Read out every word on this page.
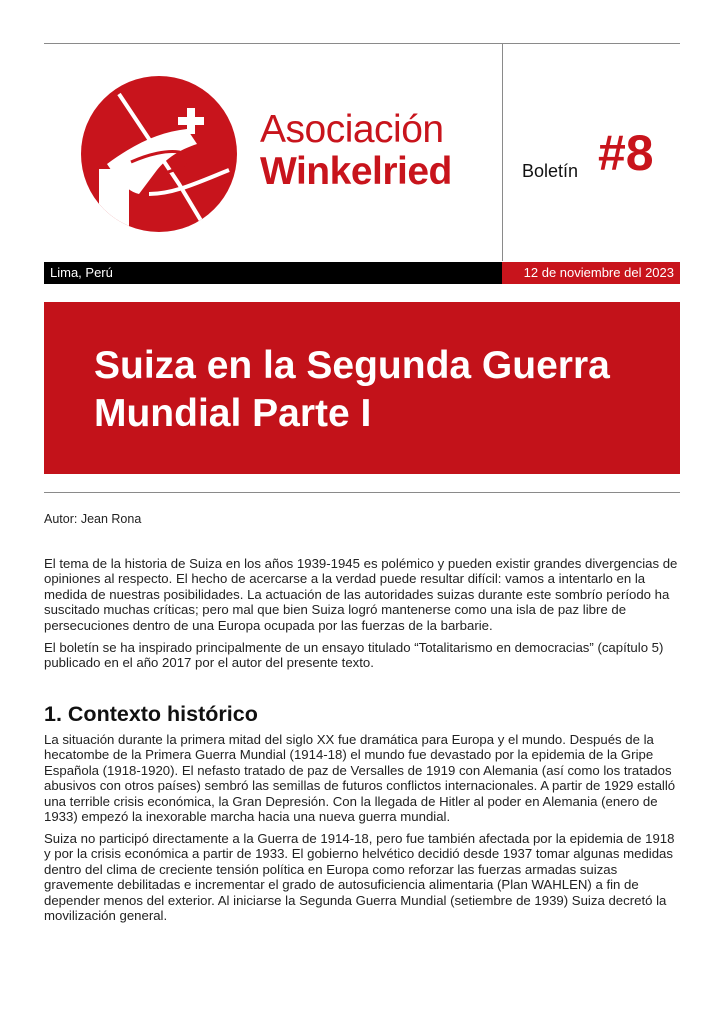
Asociación
Winkelried	Boletín #8
Lima, Perú	12 de noviembre del 2023
Suiza en la Segunda Guerra Mundial Parte I
Autor: Jean Rona

El tema de la historia de Suiza en los años 1939-1945 es polémico y pueden existir grandes divergencias de opiniones al respecto. El hecho de acercarse a la verdad puede resultar difícil: vamos a intentarlo en la medida de nuestras posibilidades. La actuación de las autoridades suizas durante este sombrío período ha suscitado muchas críticas; pero mal que bien Suiza logró mantenerse como una isla de paz libre de persecuciones dentro de una Europa ocupada por las fuerzas de la barbarie.

El boletín se ha inspirado principalmente de un ensayo titulado “Totalitarismo en democracias” (capítulo 5) publicado en el año 2017 por el autor del presente texto.

1. Contexto histórico

La situación durante la primera mitad del siglo XX fue dramática para Europa y el mundo. Después de la hecatombe de la Primera Guerra Mundial (1914-18) el mundo fue devastado por la epidemia de la Gripe Española (1918-1920). El nefasto tratado de paz de Versalles de 1919 con Alemania (así como los tratados abusivos con otros países) sembró las semillas de futuros conflictos internacionales. A partir de 1929 estalló una terrible crisis económica, la Gran Depresión. Con la llegada de Hitler al poder en Alemania (enero de 1933) empezó la inexorable marcha hacia una nueva guerra mundial.

Suiza no participó directamente a la Guerra de 1914-18, pero fue también afectada por la epidemia de 1918 y por la crisis económica a partir de 1933. El gobierno helvético decidió desde 1937 tomar algunas medidas dentro del clima de creciente tensión política en Europa como reforzar las fuerzas armadas suizas gravemente debilitadas e incrementar el grado de autosuficiencia alimentaria (Plan WAHLEN) a fin de depender menos del exterior. Al iniciarse la Segunda Guerra Mundial (setiembre de 1939) Suiza decretó la movilización general.
